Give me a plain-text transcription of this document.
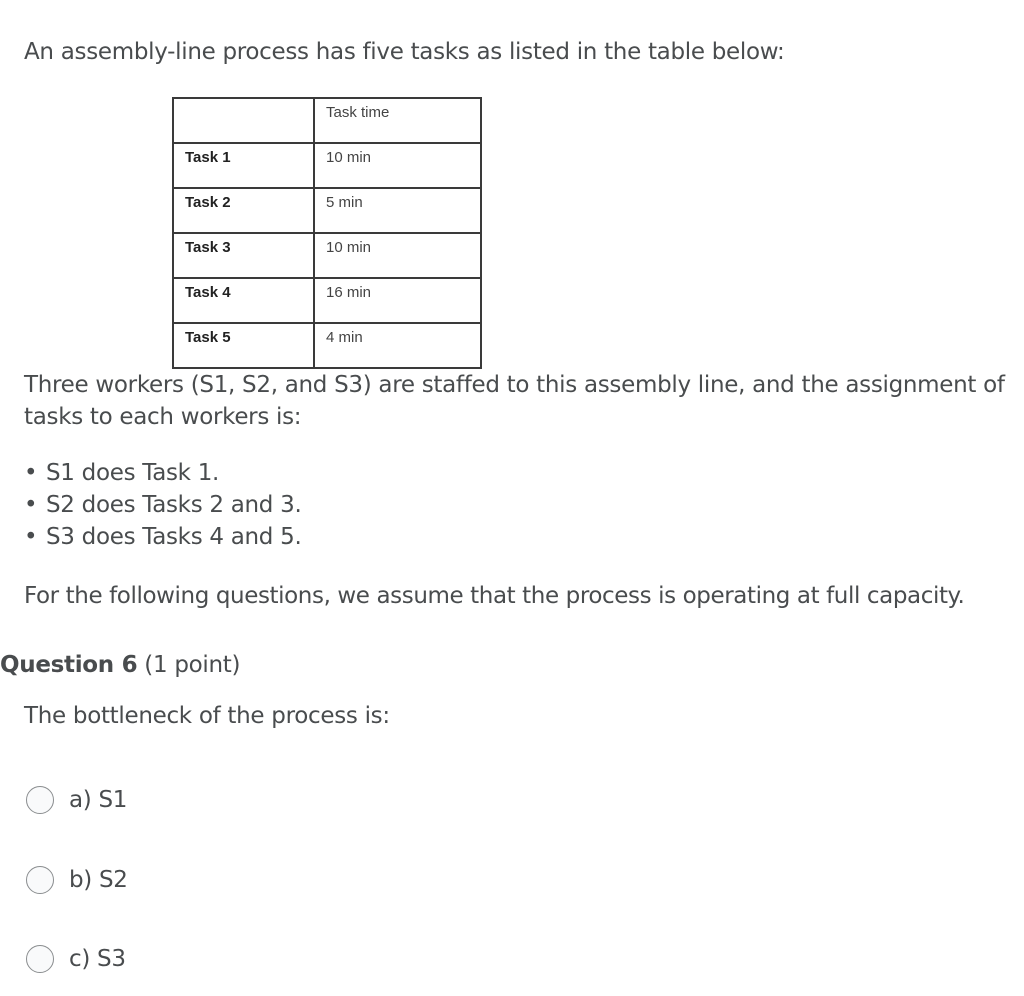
An assembly-line process has five tasks as listed in the table below:

	Task time
Task 1	10 min
Task 2	5 min
Task 3	10 min
Task 4	16 min
Task 5	4 min

Three workers (S1, S2, and S3) are staffed to this assembly line, and the assignment of tasks to each workers is:

• S1 does Task 1.
• S2 does Tasks 2 and 3.
• S3 does Tasks 4 and 5.

For the following questions, we assume that the process is operating at full capacity.

Question 6 (1 point)

The bottleneck of the process is:

a) S1
b) S2
c) S3
